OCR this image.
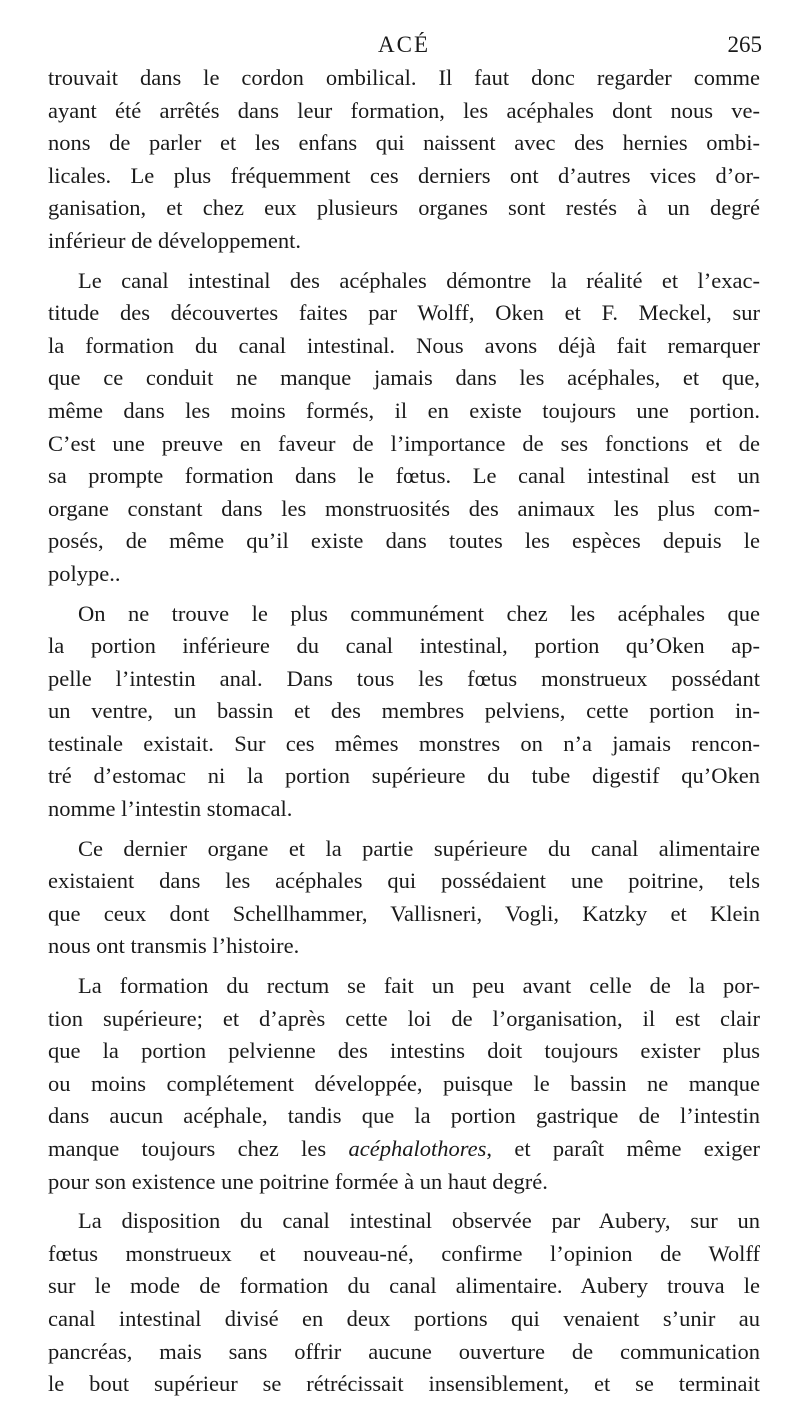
ACÉ	265

trouvait dans le cordon ombilical. Il faut donc regarder comme
ayant été arrêtés dans leur formation, les acéphales dont nous ve-
nons de parler et les enfans qui naissent avec des hernies ombi-
licales. Le plus fréquemment ces derniers ont d’autres vices d’or-
ganisation, et chez eux plusieurs organes sont restés à un degré
inférieur de développement.

Le canal intestinal des acéphales démontre la réalité et l’exac-
titude des découvertes faites par Wolff, Oken et F. Meckel, sur
la formation du canal intestinal. Nous avons déjà fait remarquer
que ce conduit ne manque jamais dans les acéphales, et que,
même dans les moins formés, il en existe toujours une portion.
C’est une preuve en faveur de l’importance de ses fonctions et de
sa prompte formation dans le fœtus. Le canal intestinal est un
organe constant dans les monstruosités des animaux les plus com-
posés, de même qu’il existe dans toutes les espèces depuis le
polype..

On ne trouve le plus communément chez les acéphales que
la portion inférieure du canal intestinal, portion qu’Oken ap-
pelle l’intestin anal. Dans tous les fœtus monstrueux possédant
un ventre, un bassin et des membres pelviens, cette portion in-
testinale existait. Sur ces mêmes monstres on n’a jamais rencon-
tré d’estomac ni la portion supérieure du tube digestif qu’Oken
nomme l’intestin stomacal.

Ce dernier organe et la partie supérieure du canal alimentaire
existaient dans les acéphales qui possédaient une poitrine, tels
que ceux dont Schellhammer, Vallisneri, Vogli, Katzky et Klein
nous ont transmis l’histoire.

La formation du rectum se fait un peu avant celle de la por-
tion supérieure; et d’après cette loi de l’organisation, il est clair
que la portion pelvienne des intestins doit toujours exister plus
ou moins complétement développée, puisque le bassin ne manque
dans aucun acéphale, tandis que la portion gastrique de l’intestin
manque toujours chez les acéphalothores, et paraît même exiger
pour son existence une poitrine formée à un haut degré.

La disposition du canal intestinal observée par Aubery, sur un
fœtus monstrueux et nouveau-né, confirme l’opinion de Wolff
sur le mode de formation du canal alimentaire. Aubery trouva le
canal intestinal divisé en deux portions qui venaient s’unir au
pancréas, mais sans offrir aucune ouverture de communication
le bout supérieur se rétrécissait insensiblement, et se terminait
